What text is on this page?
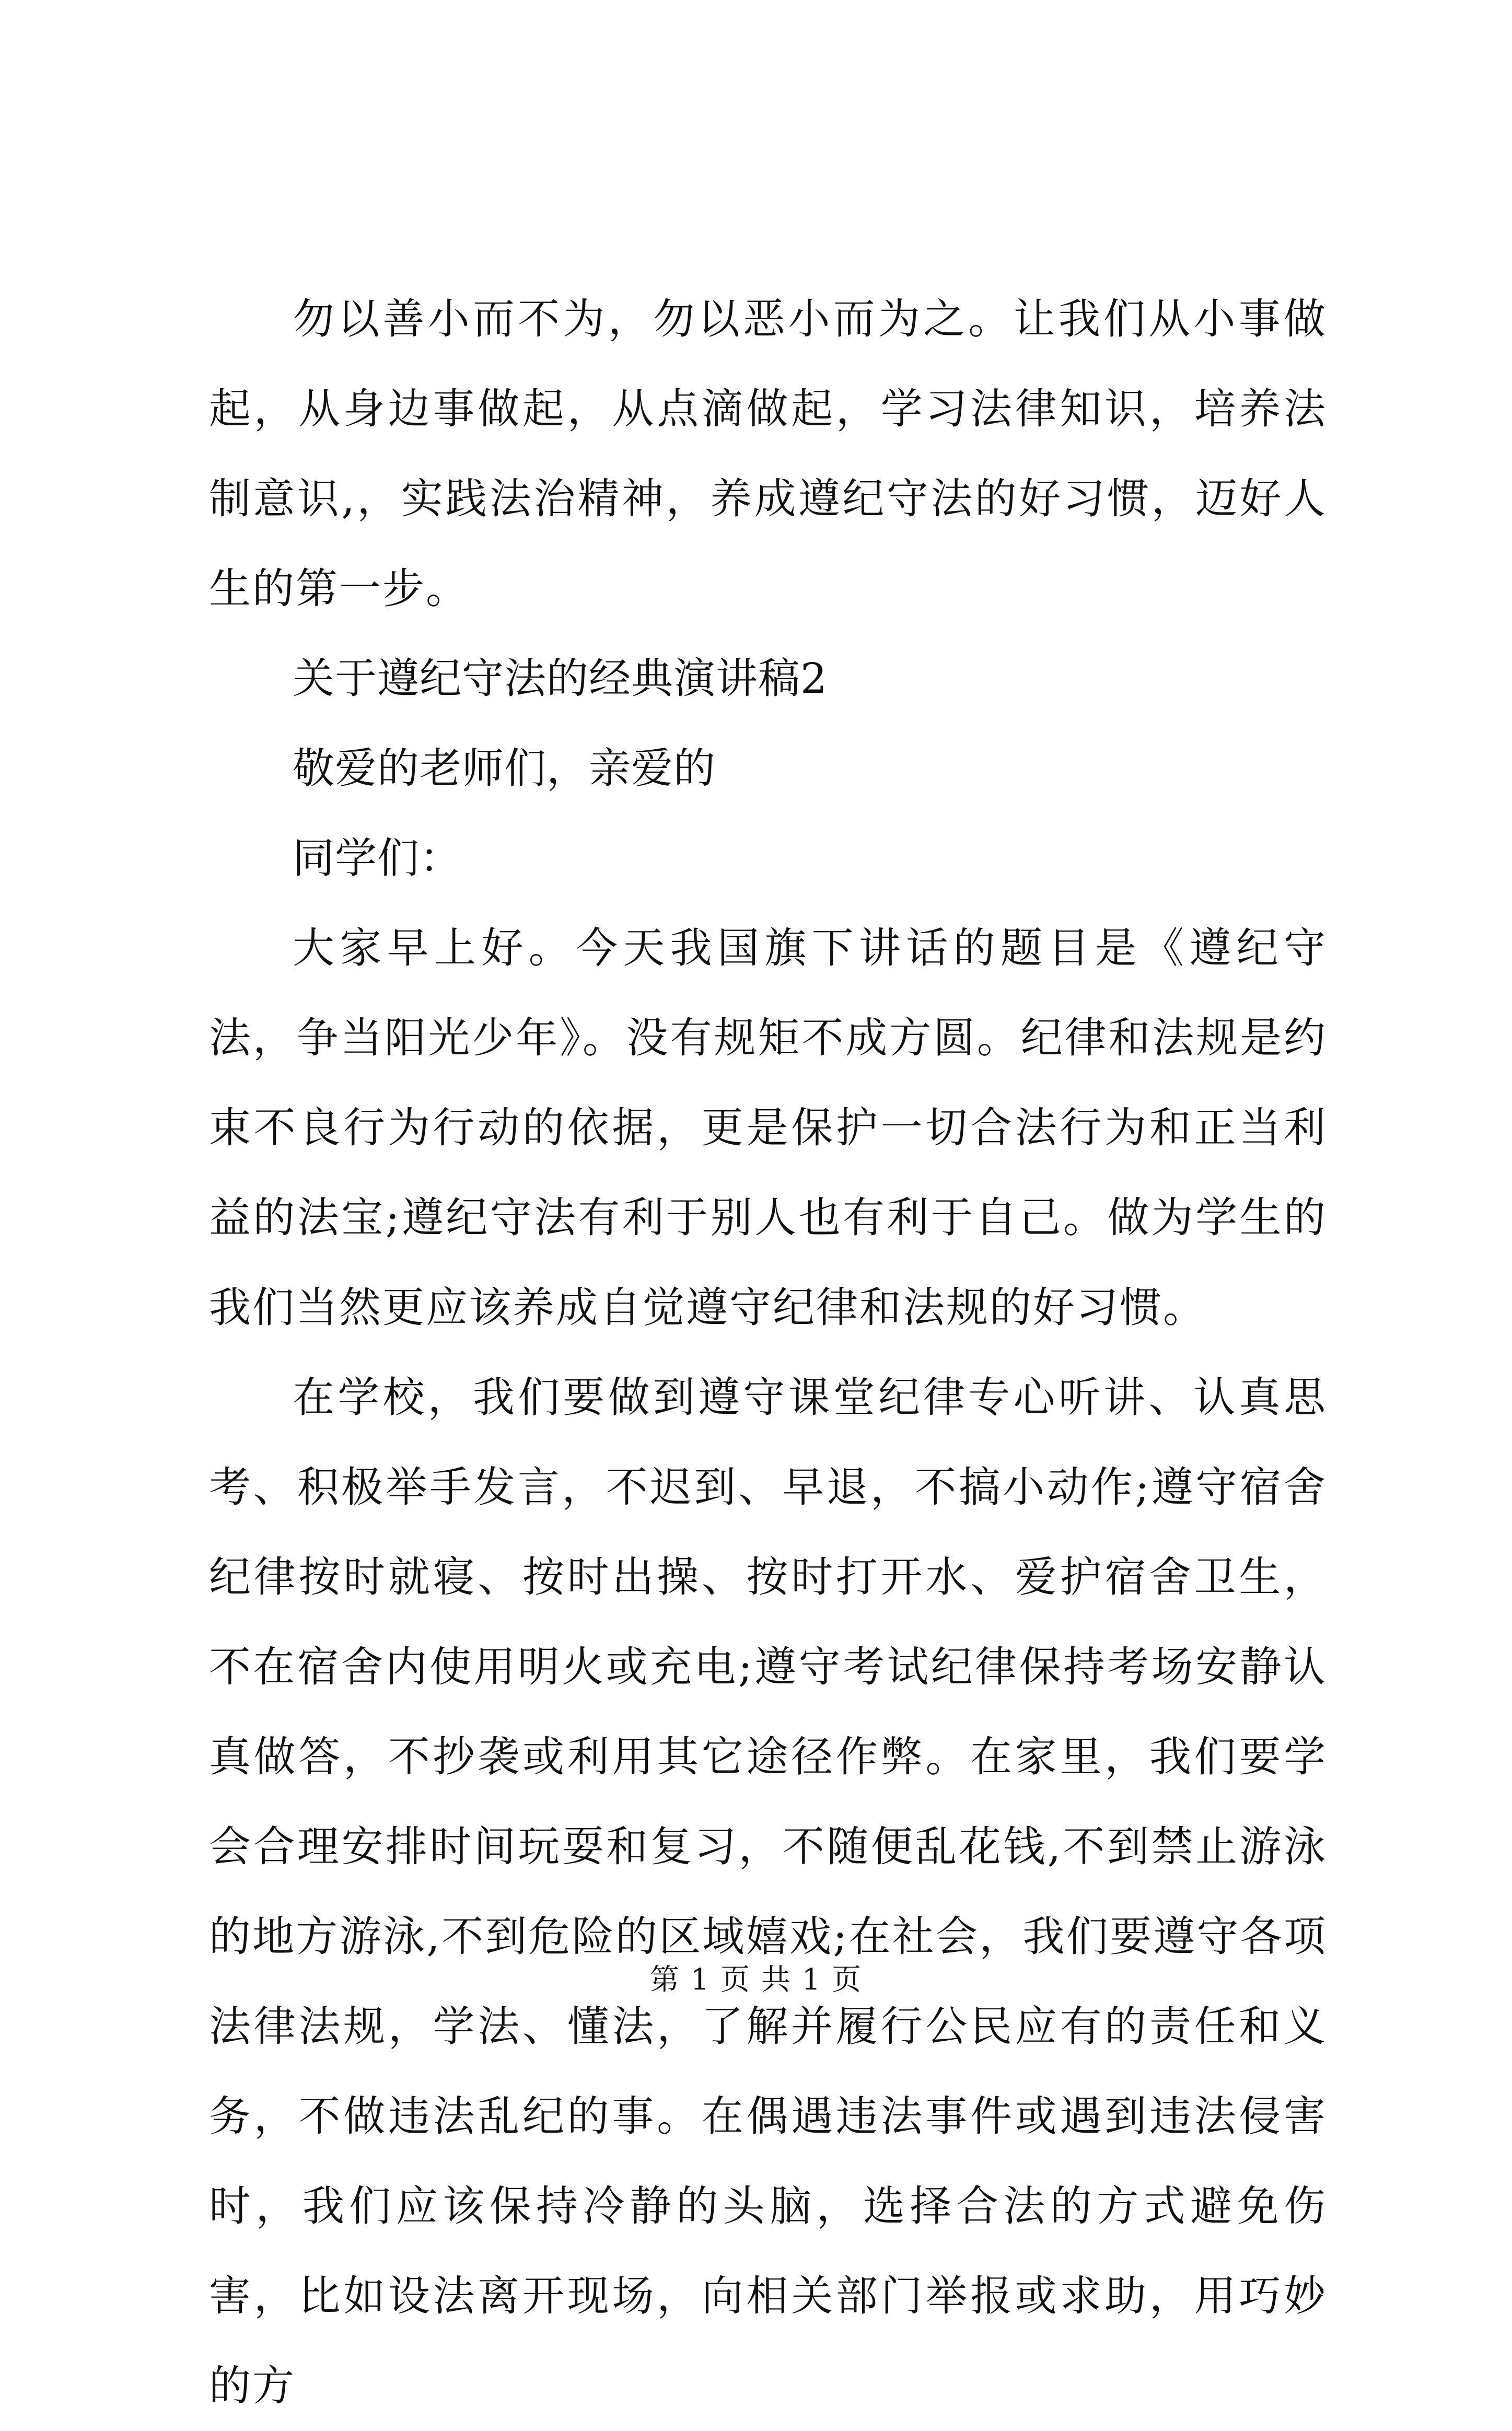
勿以善小而不为，勿以恶小而为之。让我们从小事做起，从身边事做起，从点滴做起，学习法律知识，培养法制意识,，实践法治精神，养成遵纪守法的好习惯，迈好人生的第一步。

关于遵纪守法的经典演讲稿2

敬爱的老师们，亲爱的

同学们：

大家早上好。今天我国旗下讲话的题目是《遵纪守法，争当阳光少年》。没有规矩不成方圆。纪律和法规是约束不良行为行动的依据，更是保护一切合法行为和正当利益的法宝;遵纪守法有利于别人也有利于自己。做为学生的我们当然更应该养成自觉遵守纪律和法规的好习惯。

在学校，我们要做到遵守课堂纪律专心听讲、认真思考、积极举手发言，不迟到、早退，不搞小动作;遵守宿舍纪律按时就寝、按时出操、按时打开水、爱护宿舍卫生，不在宿舍内使用明火或充电;遵守考试纪律保持考场安静认真做答，不抄袭或利用其它途径作弊。在家里，我们要学会合理安排时间玩耍和复习，不随便乱花钱,不到禁止游泳的地方游泳,不到危险的区域嬉戏;在社会，我们要遵守各项法律法规，学法、懂法，了解并履行公民应有的责任和义务，不做违法乱纪的事。在偶遇违法事件或遇到违法侵害时，我们应该保持冷静的头脑，选择合法的方式避免伤害，比如设法离开现场，向相关部门举报或求助，用巧妙的方

第 1 页 共 1 页
